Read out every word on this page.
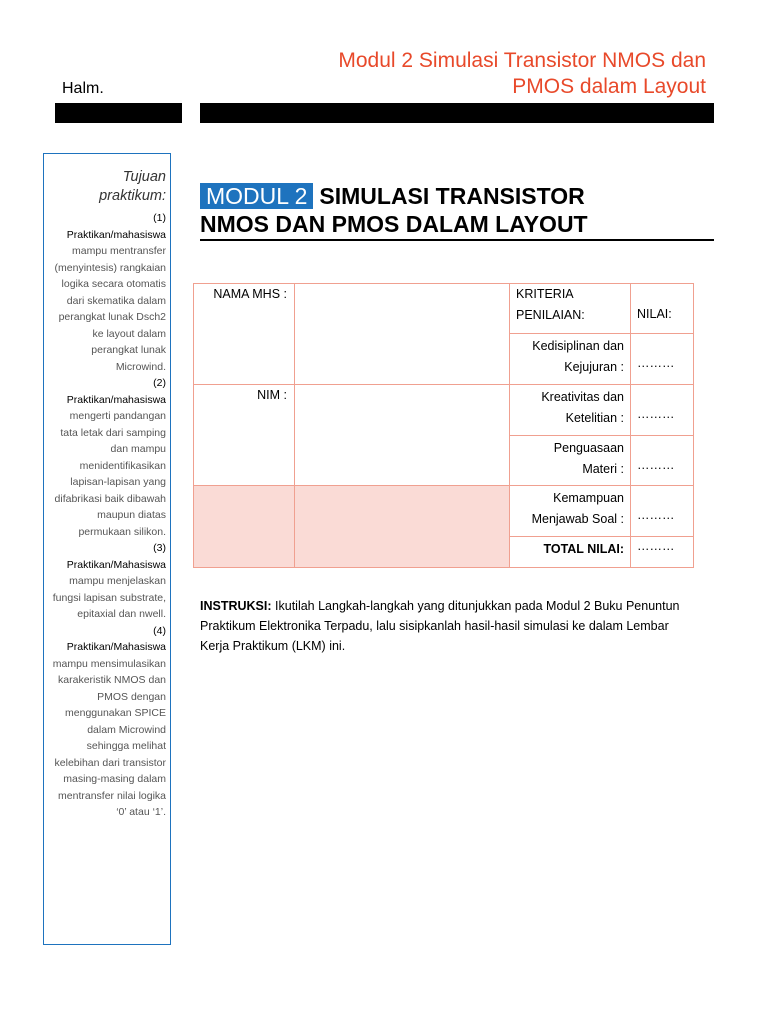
Modul 2 Simulasi Transistor NMOS dan
PMOS dalam Layout
Halm.
Tujuan
praktikum:
(1)
Praktikan/mahasiswa
mampu mentransfer
(menyintesis) rangkaian
logika secara otomatis
dari skematika dalam
perangkat lunak Dsch2
ke layout dalam
perangkat lunak
Microwind.
(2)
Praktikan/mahasiswa
mengerti pandangan
tata letak dari samping
dan mampu
menidentifikasikan
lapisan-lapisan yang
difabrikasi baik dibawah
maupun diatas
permukaan silikon.
(3)
Praktikan/Mahasiswa
mampu menjelaskan
fungsi lapisan substrate,
epitaxial dan nwell.
(4)
Praktikan/Mahasiswa
mampu mensimulasikan
karakeristik NMOS dan
PMOS dengan
menggunakan SPICE
dalam Microwind
sehingga melihat
kelebihan dari transistor
masing-masing dalam
mentransfer nilai logika
‘0’ atau ‘1’.
MODUL 2 SIMULASI TRANSISTOR
NMOS DAN PMOS DALAM LAYOUT
NAMA MHS :		KRITERIA
PENILAIAN:	NILAI:

		Kedisiplinan dan
Kejujuran :	………
NIM :		Kreativitas dan
Ketelitian :	………

		Penguasaan
Materi :	………

		Kemampuan
Menjawab Soal :	………
		TOTAL NILAI:	………
INSTRUKSI: Ikutilah Langkah-langkah yang ditunjukkan pada Modul 2 Buku Penuntun
Praktikum Elektronika Terpadu, lalu sisipkanlah hasil-hasil simulasi ke dalam Lembar
Kerja Praktikum (LKM) ini.
